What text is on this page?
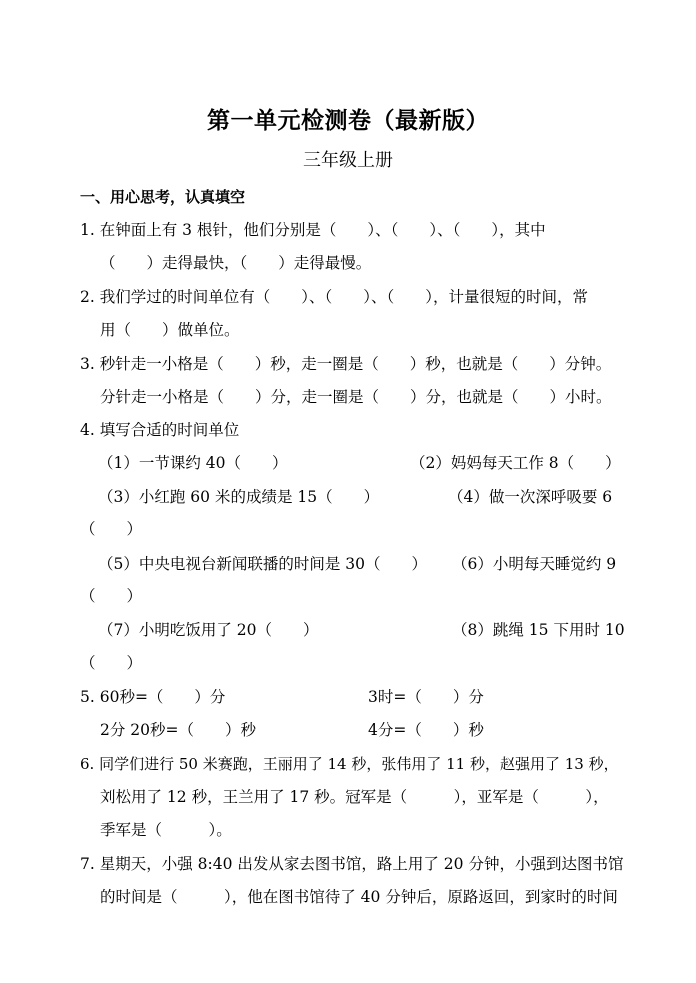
第一单元检测卷（最新版）
三年级上册
一、用心思考，认真填空
1. 在钟面上有 3 根针，他们分别是（　　）、（　　）、（　　），其中
（　　）走得最快，（　　）走得最慢。
2. 我们学过的时间单位有（　　）、（　　）、（　　），计量很短的时间，常
用（　　）做单位。
3. 秒针走一小格是（　　）秒，走一圈是（　　）秒，也就是（　　）分钟。
分针走一小格是（　　）分，走一圈是（　　）分，也就是（　　）小时。
4. 填写合适的时间单位
（1）一节课约 40（　　）	（2）妈妈每天工作 8（　　）
（3）小红跑 60 米的成绩是 15（　　）	（4）做一次深呼吸要 6
（　　）
（5）中央电视台新闻联播的时间是 30（　　） （6）小明每天睡觉约 9
（　　）
（7）小明吃饭用了 20（　　）	（8）跳绳 15 下用时 10
（　　）
5. 60秒=（　　）分	3时=（　　）分
2分 20秒=（　　）秒	4分=（　　）秒
6. 同学们进行 50 米赛跑，王丽用了 14 秒，张伟用了 11 秒，赵强用了 13 秒，
刘松用了 12 秒，王兰用了 17 秒。冠军是（　　　），亚军是（　　　），
季军是（　　　）。
7. 星期天，小强 8:40 出发从家去图书馆，路上用了 20 分钟，小强到达图书馆
的时间是（　　　），他在图书馆待了 40 分钟后，原路返回，到家时的时间
